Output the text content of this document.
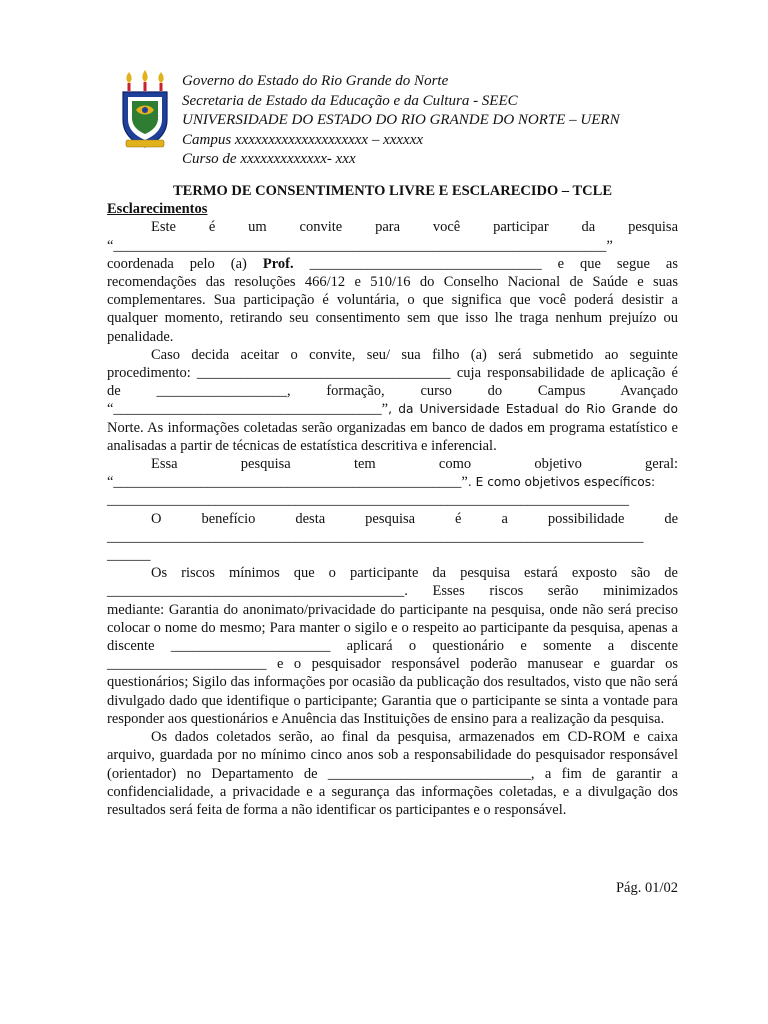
Governo do Estado do Rio Grande do Norte
Secretaria de Estado da Educação e da Cultura - SEEC
UNIVERSIDADE DO ESTADO DO RIO GRANDE DO NORTE – UERN
Campus xxxxxxxxxxxxxxxxxxxx – xxxxxx
Curso de xxxxxxxxxxxxx- xxx
TERMO DE CONSENTIMENTO LIVRE E ESCLARECIDO – TCLE
Esclarecimentos
Este é um convite para você participar da pesquisa
“____________________________________________________________________”
coordenada pelo (a) Prof. ________________________________ e que segue as
recomendações das resoluções 466/12 e 510/16 do Conselho Nacional de Saúde e suas complementares. Sua participação é voluntária, o que significa que você poderá desistir a qualquer momento, retirando seu consentimento sem que isso lhe traga nenhum prejuízo ou penalidade.
Caso decida aceitar o convite, seu/ sua filho (a) será submetido ao seguinte
procedimento: ___________________________________ cuja responsabilidade de aplicação é
de __________________, formação, curso do Campus Avançado
“_____________________________________”, da Universidade Estadual do Rio Grande do
Norte. As informações coletadas serão organizadas em banco de dados em programa estatístico e analisadas a partir de técnicas de estatística descritiva e inferencial.
Essa	pesquisa	tem	como	objetivo	geral:
“________________________________________________”. E como objetivos específicos:
________________________________________________________________________
O	benefício	desta	pesquisa	é	a	possibilidade	de
__________________________________________________________________________
______
Os riscos mínimos que o participante da pesquisa estará exposto são de
_________________________________________. Esses riscos serão minimizados
mediante: Garantia do anonimato/privacidade do participante na pesquisa, onde não será preciso colocar o nome do mesmo; Para manter o sigilo e o respeito ao participante da pesquisa, apenas a discente ______________________ aplicará o questionário e somente a discente ______________________ e o pesquisador responsável poderão manusear e guardar os questionários; Sigilo das informações por ocasião da publicação dos resultados, visto que não será divulgado dado que identifique o participante; Garantia que o participante se sinta a vontade para responder aos questionários e Anuência das Instituições de ensino para a realização da pesquisa.
Os dados coletados serão, ao final da pesquisa, armazenados em CD-ROM e caixa arquivo, guardada por no mínimo cinco anos sob a responsabilidade do pesquisador responsável (orientador) no Departamento de ____________________________, a fim de garantir a confidencialidade, a privacidade e a segurança das informações coletadas, e a divulgação dos resultados será feita de forma a não identificar os participantes e o responsável.
Pág. 01/02
